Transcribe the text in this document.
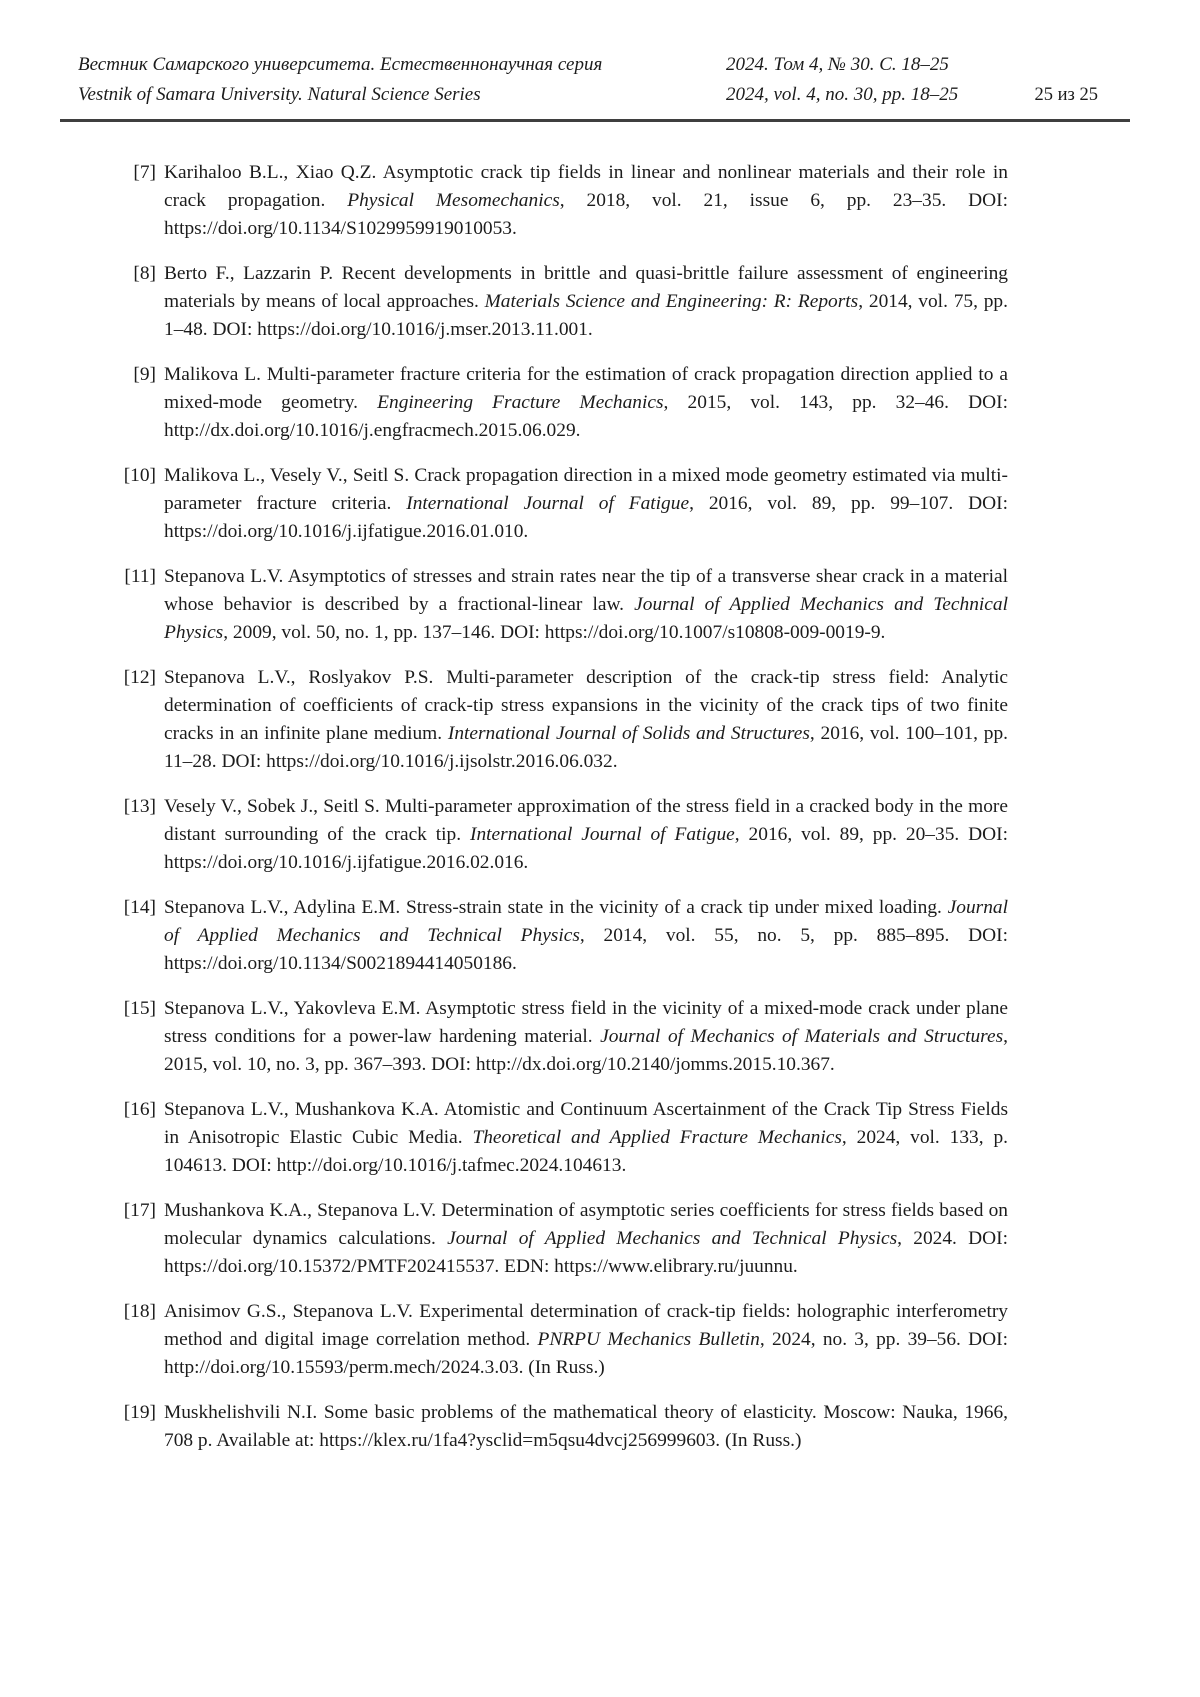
Вестник Самарского университета. Естественнонаучная серия	2024. Том 4, № 30. С. 18–25
Vestnik of Samara University. Natural Science Series	2024, vol. 4, no. 30, pp. 18–25	25 из 25
[7] Karihaloo B.L., Xiao Q.Z. Asymptotic crack tip fields in linear and nonlinear materials and their role in crack propagation. Physical Mesomechanics, 2018, vol. 21, issue 6, pp. 23–35. DOI: https://doi.org/10.1134/S1029959919010053.
[8] Berto F., Lazzarin P. Recent developments in brittle and quasi-brittle failure assessment of engineering materials by means of local approaches. Materials Science and Engineering: R: Reports, 2014, vol. 75, pp. 1–48. DOI: https://doi.org/10.1016/j.mser.2013.11.001.
[9] Malikova L. Multi-parameter fracture criteria for the estimation of crack propagation direction applied to a mixed-mode geometry. Engineering Fracture Mechanics, 2015, vol. 143, pp. 32–46. DOI: http://dx.doi.org/10.1016/j.engfracmech.2015.06.029.
[10] Malikova L., Vesely V., Seitl S. Crack propagation direction in a mixed mode geometry estimated via multi-parameter fracture criteria. International Journal of Fatigue, 2016, vol. 89, pp. 99–107. DOI: https://doi.org/10.1016/j.ijfatigue.2016.01.010.
[11] Stepanova L.V. Asymptotics of stresses and strain rates near the tip of a transverse shear crack in a material whose behavior is described by a fractional-linear law. Journal of Applied Mechanics and Technical Physics, 2009, vol. 50, no. 1, pp. 137–146. DOI: https://doi.org/10.1007/s10808-009-0019-9.
[12] Stepanova L.V., Roslyakov P.S. Multi-parameter description of the crack-tip stress field: Analytic determination of coefficients of crack-tip stress expansions in the vicinity of the crack tips of two finite cracks in an infinite plane medium. International Journal of Solids and Structures, 2016, vol. 100–101, pp. 11–28. DOI: https://doi.org/10.1016/j.ijsolstr.2016.06.032.
[13] Vesely V., Sobek J., Seitl S. Multi-parameter approximation of the stress field in a cracked body in the more distant surrounding of the crack tip. International Journal of Fatigue, 2016, vol. 89, pp. 20–35. DOI: https://doi.org/10.1016/j.ijfatigue.2016.02.016.
[14] Stepanova L.V., Adylina E.M. Stress-strain state in the vicinity of a crack tip under mixed loading. Journal of Applied Mechanics and Technical Physics, 2014, vol. 55, no. 5, pp. 885–895. DOI: https://doi.org/10.1134/S0021894414050186.
[15] Stepanova L.V., Yakovleva E.M. Asymptotic stress field in the vicinity of a mixed-mode crack under plane stress conditions for a power-law hardening material. Journal of Mechanics of Materials and Structures, 2015, vol. 10, no. 3, pp. 367–393. DOI: http://dx.doi.org/10.2140/jomms.2015.10.367.
[16] Stepanova L.V., Mushankova K.A. Atomistic and Continuum Ascertainment of the Crack Tip Stress Fields in Anisotropic Elastic Cubic Media. Theoretical and Applied Fracture Mechanics, 2024, vol. 133, p. 104613. DOI: http://doi.org/10.1016/j.tafmec.2024.104613.
[17] Mushankova K.A., Stepanova L.V. Determination of asymptotic series coefficients for stress fields based on molecular dynamics calculations. Journal of Applied Mechanics and Technical Physics, 2024. DOI: https://doi.org/10.15372/PMTF202415537. EDN: https://www.elibrary.ru/juunnu.
[18] Anisimov G.S., Stepanova L.V. Experimental determination of crack-tip fields: holographic interferometry method and digital image correlation method. PNRPU Mechanics Bulletin, 2024, no. 3, pp. 39–56. DOI: http://doi.org/10.15593/perm.mech/2024.3.03. (In Russ.)
[19] Muskhelishvili N.I. Some basic problems of the mathematical theory of elasticity. Moscow: Nauka, 1966, 708 p. Available at: https://klex.ru/1fa4?ysclid=m5qsu4dvcj256999603. (In Russ.)
